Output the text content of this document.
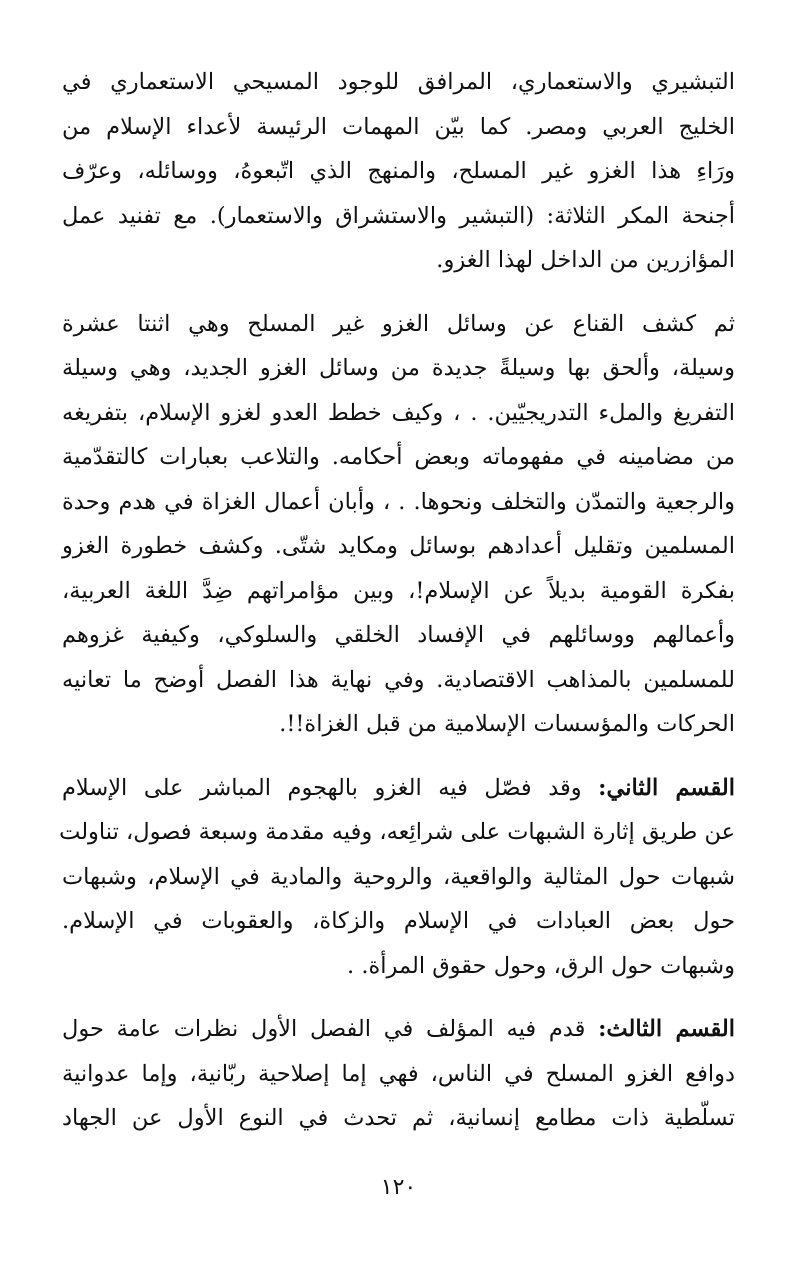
التبشيري والاستعماري، المرافق للوجود المسيحي الاستعماري في
الخليج العربي ومصر. كما بيّن المهمات الرئيسة لأعداء الإسلام من
ورَاءِ هذا الغزو غير المسلح، والمنهج الذي اتّبعوهُ، ووسائله، وعرّف
أجنحة المكر الثلاثة: (التبشير والاستشراق والاستعمار). مع تفنيد عمل
المؤازرين من الداخل لهذا الغزو.

ثم كشف القناع عن وسائل الغزو غير المسلح وهي اثنتا عشرة
وسيلة، وألحق بها وسيلةً جديدة من وسائل الغزو الجديد، وهي وسيلة
التفريغ والملء التدريجيّين. . ، وكيف خطط العدو لغزو الإسلام، بتفريغه
من مضامينه في مفهوماته وبعض أحكامه. والتلاعب بعبارات كالتقدّمية
والرجعية والتمدّن والتخلف ونحوها. . ، وأبان أعمال الغزاة في هدم وحدة
المسلمين وتقليل أعدادهم بوسائل ومكايد شتّى. وكشف خطورة الغزو
بفكرة القومية بديلاً عن الإسلام!، وبين مؤامراتهم ضِدَّ اللغة العربية،
وأعمالهم ووسائلهم في الإفساد الخلقي والسلوكي، وكيفية غزوهم
للمسلمين بالمذاهب الاقتصادية. وفي نهاية هذا الفصل أوضح ما تعانيه
الحركات والمؤسسات الإسلامية من قبل الغزاة!!.

القسم الثاني: وقد فصّل فيه الغزو بالهجوم المباشر على الإسلام
عن طريق إثارة الشبهات على شرائِعه، وفيه مقدمة وسبعة فصول، تناولت
شبهات حول المثالية والواقعية، والروحية والمادية في الإسلام، وشبهات
حول بعض العبادات في الإسلام والزكاة، والعقوبات في الإسلام.
وشبهات حول الرق، وحول حقوق المرأة. .

القسم الثالث: قدم فيه المؤلف في الفصل الأول نظرات عامة حول
دوافع الغزو المسلح في الناس، فهي إما إصلاحية ربّانية، وإما عدوانية
تسلّطية ذات مطامع إنسانية، ثم تحدث في النوع الأول عن الجهاد

١٢٠
